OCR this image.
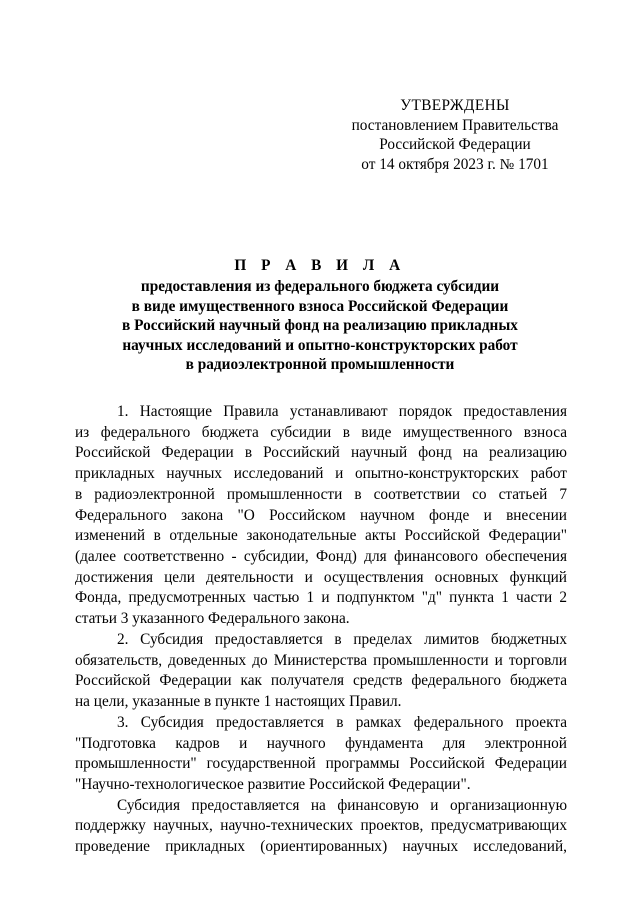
УТВЕРЖДЕНЫ
постановлением Правительства
Российской Федерации
от 14 октября 2023 г. № 1701
П Р А В И Л А
предоставления из федерального бюджета субсидии
в виде имущественного взноса Российской Федерации
в Российский научный фонд на реализацию прикладных
научных исследований и опытно-конструкторских работ
в радиоэлектронной промышленности
1. Настоящие Правила устанавливают порядок предоставления
из федерального бюджета субсидии в виде имущественного взноса
Российской Федерации в Российский научный фонд на реализацию
прикладных научных исследований и опытно-конструкторских работ
в радиоэлектронной промышленности в соответствии со статьей 7
Федерального закона "О Российском научном фонде и внесении
изменений в отдельные законодательные акты Российской Федерации"
(далее соответственно - субсидии, Фонд) для финансового обеспечения
достижения цели деятельности и осуществления основных функций
Фонда, предусмотренных частью 1 и подпунктом "д" пункта 1 части 2
статьи 3 указанного Федерального закона.
2. Субсидия предоставляется в пределах лимитов бюджетных
обязательств, доведенных до Министерства промышленности и торговли
Российской Федерации как получателя средств федерального бюджета
на цели, указанные в пункте 1 настоящих Правил.
3. Субсидия предоставляется в рамках федерального проекта
"Подготовка кадров и научного фундамента для электронной
промышленности" государственной программы Российской Федерации
"Научно-технологическое развитие Российской Федерации".
Субсидия предоставляется на финансовую и организационную
поддержку научных, научно-технических проектов, предусматривающих
проведение прикладных (ориентированных) научных исследований,
